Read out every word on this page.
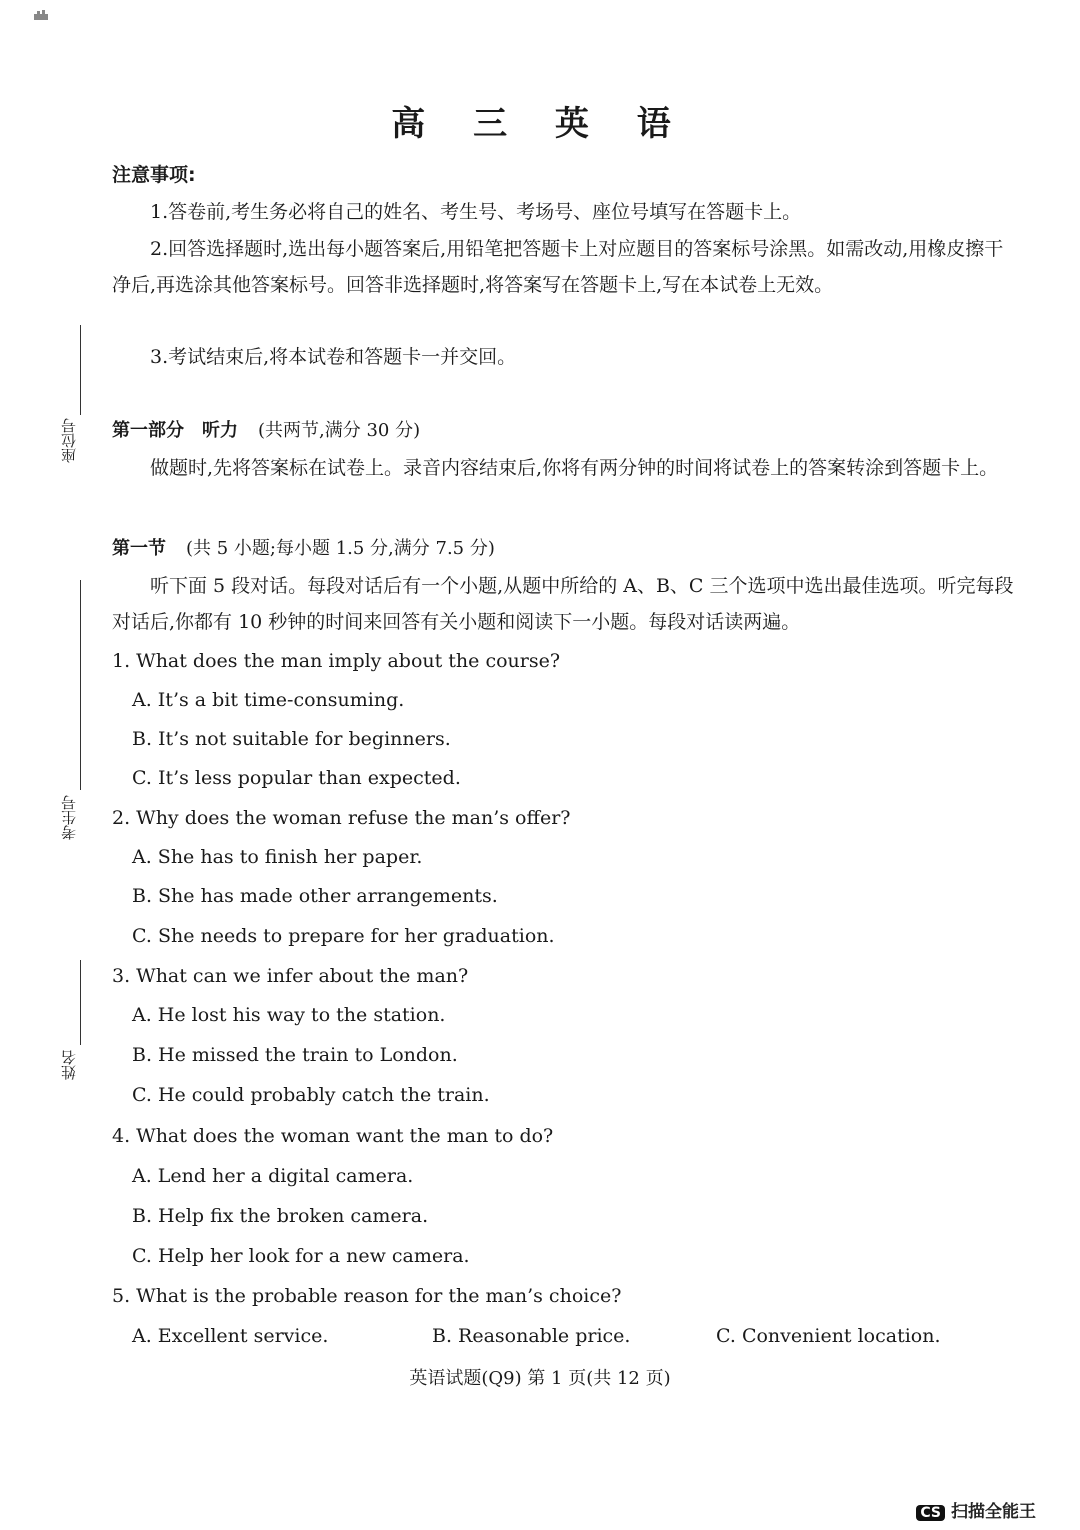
高 三 英 语
注意事项:
1.答卷前,考生务必将自己的姓名、考生号、考场号、座位号填写在答题卡上。
2.回答选择题时,选出每小题答案后,用铅笔把答题卡上对应题目的答案标号涂黑。如需改动,用橡皮擦干净后,再选涂其他答案标号。回答非选择题时,将答案写在答题卡上,写在本试卷上无效。
3.考试结束后,将本试卷和答题卡一并交回。
第一部分　听力 (共两节,满分 30 分)
做题时,先将答案标在试卷上。录音内容结束后,你将有两分钟的时间将试卷上的答案转涂到答题卡上。
第一节 (共 5 小题;每小题 1.5 分,满分 7.5 分)
听下面 5 段对话。每段对话后有一个小题,从题中所给的 A、B、C 三个选项中选出最佳选项。听完每段对话后,你都有 10 秒钟的时间来回答有关小题和阅读下一小题。每段对话读两遍。
1. What does the man imply about the course?
A. It’s a bit time-consuming.
B. It’s not suitable for beginners.
C. It’s less popular than expected.
2. Why does the woman refuse the man’s offer?
A. She has to finish her paper.
B. She has made other arrangements.
C. She needs to prepare for her graduation.
3. What can we infer about the man?
A. He lost his way to the station.
B. He missed the train to London.
C. He could probably catch the train.
4. What does the woman want the man to do?
A. Lend her a digital camera.
B. Help fix the broken camera.
C. Help her look for a new camera.
5. What is the probable reason for the man’s choice?
A. Excellent service.	B. Reasonable price.	C. Convenient location.
英语试题(Q9) 第 1 页(共 12 页)
座位号
考生号
姓名
CS 扫描全能王
